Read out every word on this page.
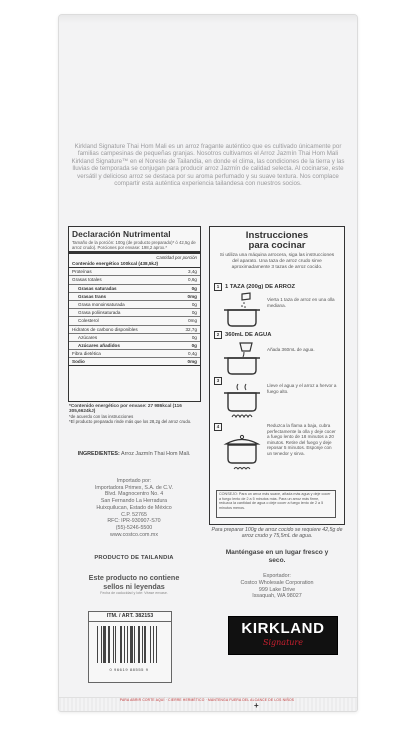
Kirkland Signature Thai Hom Mali es un arroz fragante auténtico que es cultivado únicamente por familias campesinas de pequeñas granjas. Nosotros cultivamos el Arroz Jazmín Thai Hom Mali Kirkland Signature™ en el Noreste de Tailandia, en donde el clima, las condiciones de la tierra y las lluvias de temporada se conjugan para producir arroz Jazmín de calidad selecta. Al cocinarse, este versátil y delicioso arroz se destaca por su aroma perfumado y su suave textura. Nos complace compartir esta auténtica experiencia tailandesa con nuestros socios.
Declaración Nutrimental
Tamaño de la porción: 100g (de producto preparado)* ó 42,5g de arroz crudo). Porciones por envase: 198,2 aprox.*
Cantidad por porción
Contenido energético 100kcal (438,5kJ)
Proteínas	3,4g
Grasas totales	0,6g
Grasas saturadas	0g
Grasas trans	0mg
Grasa monoinsaturada	0g
Grasa poliinsaturada	0g
Colesterol	0mg
Hidratos de carbono disponibles	32,7g
Azúcares	0g
Azúcares añadidos	0g
Fibra dietética	0,4g
Sodio	0mg
*Contenido energético por envase: 27 986kcal (116 305,6624kJ)
*de acuerdo con las instrucciones
*El producto preparado rinde más que los 28,2g del arroz crudo.
INGREDIENTES: Arroz Jazmín Thai Hom Mali.
Importado por:
Importadora Primex, S.A. de C.V.
Blvd. Magnocentro No. 4
San Fernando La Herradura
Huixquilucan, Estado de México
C.P. 52765
RFC: IPR-930907-S70
(55)-5246-5500
www.costco.com.mx
PRODUCTO DE TAILANDIA
Este producto no contiene
sellos ni leyendas
Fecha de caducidad y lote: Véase envase.
ITM. / ART. 382153
0 96619 88555 9
Instrucciones
para cocinar
Si utiliza una máquina arrocera, siga las instrucciones del aparato. Una taza de arroz crudo sirve aproximadamente 3 tazas de arroz cocido.
1 1 TAZA (200g) DE ARROZ
Vierta 1 taza de arroz en una olla mediana.
2 360mL DE AGUA
Añada 360mL de agua.
3
Lleve el agua y el arroz a hervor a fuego alto.
4	Reduzca la flama a baja, cubra perfectamente la olla y deje cocer a fuego lento de 18 minutos a 20 minutos. Retire del fuego y deje reposar 5 minutos. Esponje con un tenedor y sirva.
CONSEJO: Para un arroz más suave, añada más agua y deje cocer a fuego lento de 2 a 5 minutos más. Para un arroz más firme, reduzca la cantidad de agua o deje cocer a fuego lento de 2 a 5 minutos menos.
Para preparar 100g de arroz cocido se requiere 42,5g de arroz crudo y 75,5mL de agua.
Manténgase en un lugar fresco y seco.
Exportador:
Costco Wholesale Corporation
999 Lake Drive
Issaquah, WA 98027
KIRKLAND
Signature
+
PARA ABRIR CORTE AQUÍ · CIERRE HERMÉTICO · MANTENGA FUERA DEL ALCANCE DE LOS NIÑOS
